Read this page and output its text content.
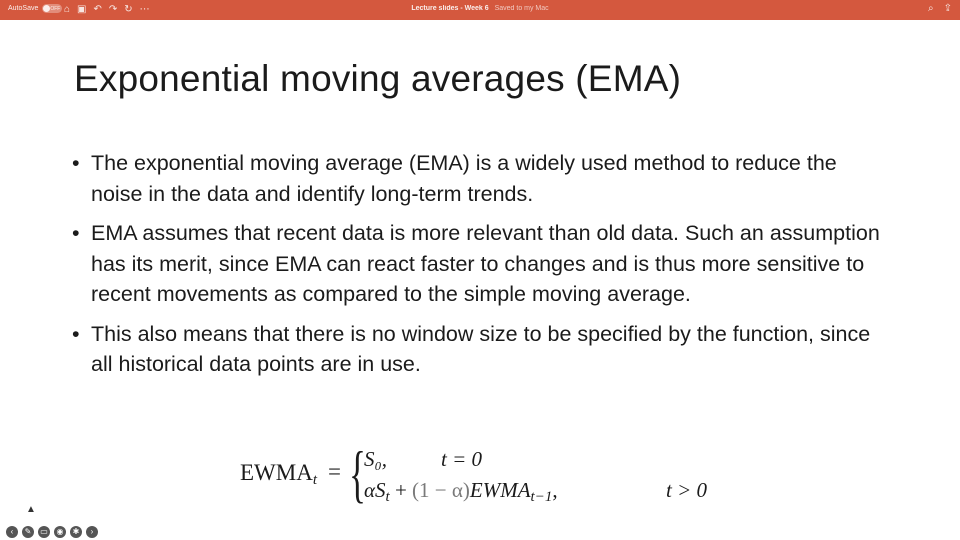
AutoSave OFF ⌂ ▣ ↶ ↷ ↻ ⋯	Lecture slides - Week 6 Saved to my Mac	⌕ ⇪
Exponential moving averages (EMA)
• The exponential moving average (EMA) is a widely used method to reduce the noise in the data and identify long-term trends.
• EMA assumes that recent data is more relevant than old data. Such an assumption has its merit, since EMA can react faster to changes and is thus more sensitive to recent movements as compared to the simple moving average.
• This also means that there is no window size to be specified by the function, since all historical data points are in use.
$EWMA_t$ = {
S₀,	t = 0
$\alpha S_t + (1$ − $\alpha)EWMA_{t-1}$,	t > 0
▲
‹	✎	▭	◉	✱	›
